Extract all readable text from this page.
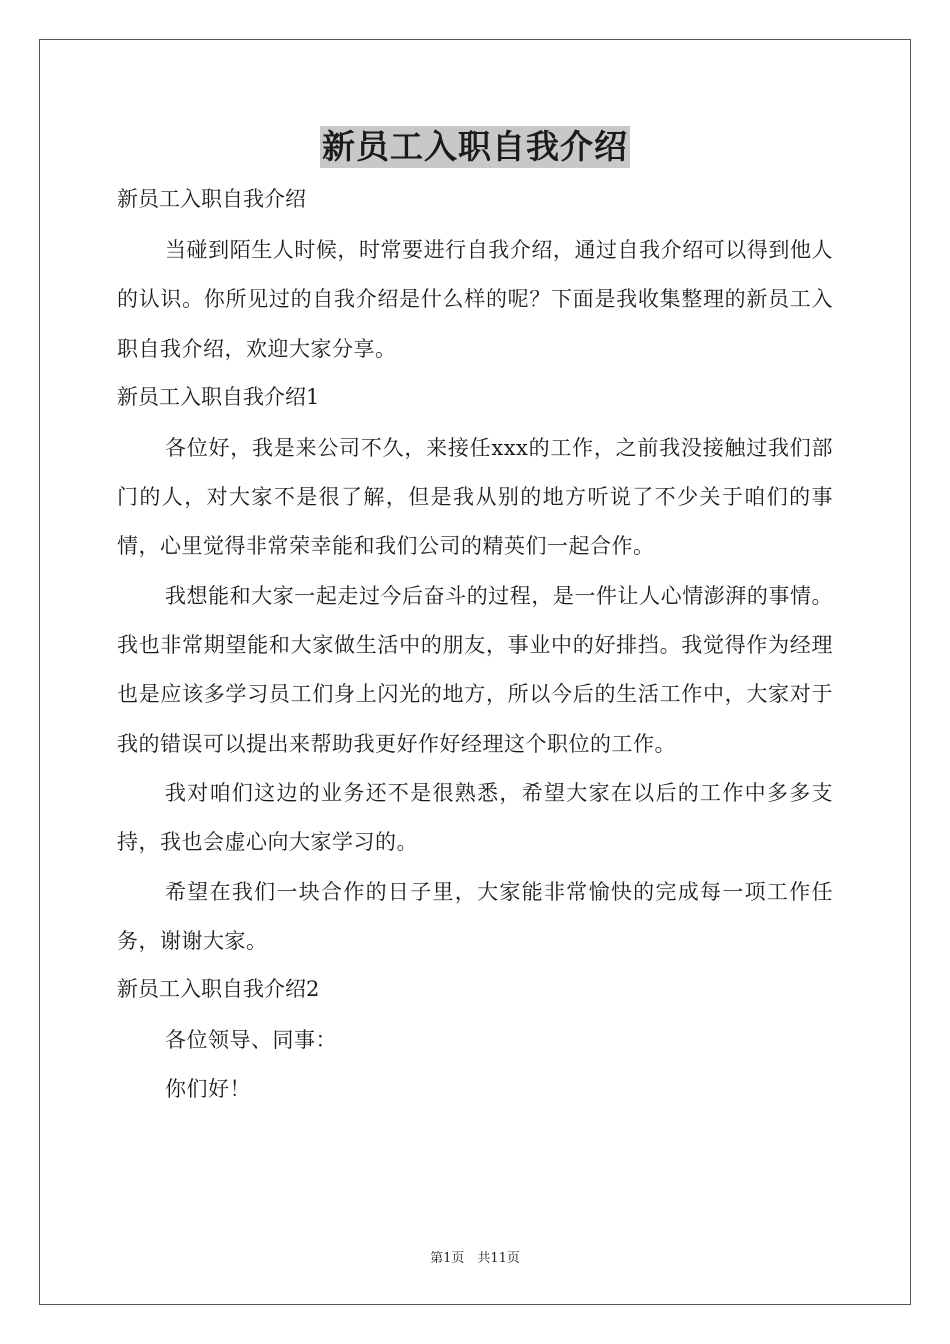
新员工入职自我介绍

新员工入职自我介绍

当碰到陌生人时候，时常要进行自我介绍，通过自我介绍可以得到他人的认识。你所见过的自我介绍是什么样的呢？下面是我收集整理的新员工入职自我介绍，欢迎大家分享。

新员工入职自我介绍1

各位好，我是来公司不久，来接任xxx的工作，之前我没接触过我们部门的人，对大家不是很了解，但是我从别的地方听说了不少关于咱们的事情，心里觉得非常荣幸能和我们公司的精英们一起合作。

我想能和大家一起走过今后奋斗的过程，是一件让人心情澎湃的事情。我也非常期望能和大家做生活中的朋友，事业中的好排挡。我觉得作为经理也是应该多学习员工们身上闪光的地方，所以今后的生活工作中，大家对于我的错误可以提出来帮助我更好作好经理这个职位的工作。

我对咱们这边的业务还不是很熟悉，希望大家在以后的工作中多多支持，我也会虚心向大家学习的。

希望在我们一块合作的日子里，大家能非常愉快的完成每一项工作任务，谢谢大家。

新员工入职自我介绍2

各位领导、同事：

你们好！

第1页　共11页
